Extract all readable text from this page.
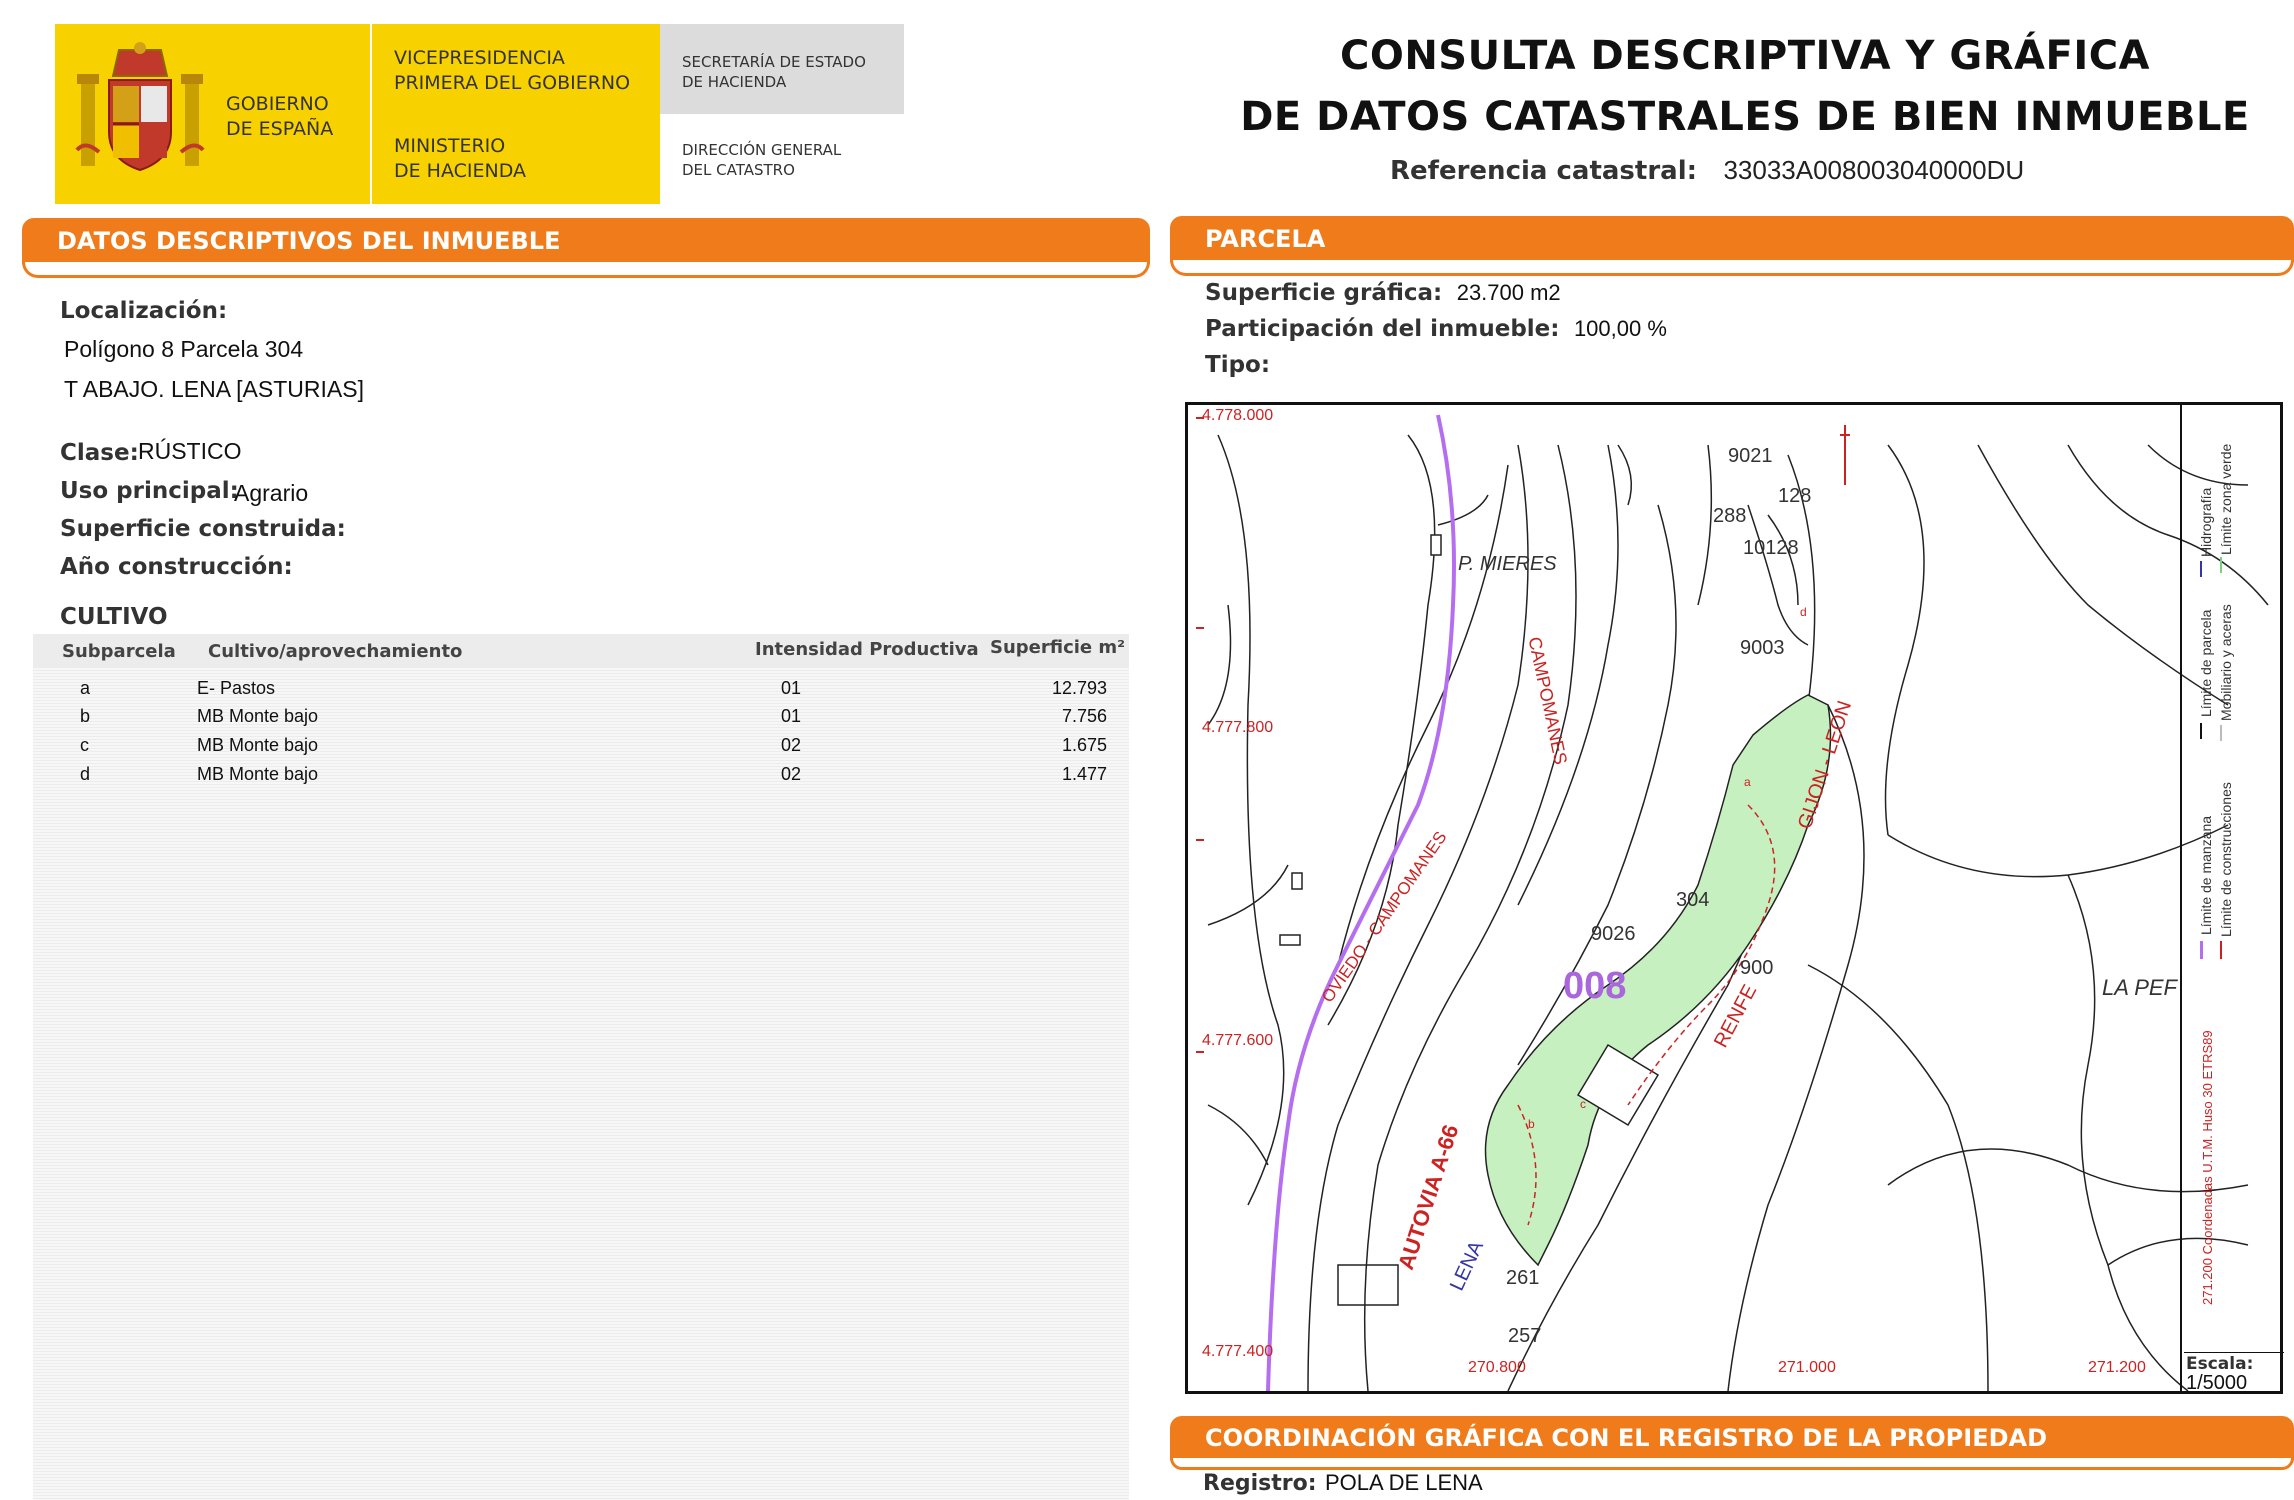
GOBIERNO
DE ESPAÑA
VICEPRESIDENCIA
PRIMERA DEL GOBIERNO
MINISTERIO
DE HACIENDA
SECRETARÍA DE ESTADO
DE HACIENDA
DIRECCIÓN GENERAL
DEL CATASTRO
CONSULTA DESCRIPTIVA Y GRÁFICA
DE DATOS CATASTRALES DE BIEN INMUEBLE
Referencia catastral: 33033A008003040000DU
DATOS DESCRIPTIVOS DEL INMUEBLE
Localización:
Polígono 8 Parcela 304
T ABAJO. LENA [ASTURIAS]
Clase: RÚSTICO
Uso principal:
Agrario
Superficie construida:
Año construcción:
CULTIVO
Subparcela Cultivo/aprovechamiento	Intensidad Productiva Superficie m²
a	E- Pastos	01	12.793
b	MB Monte bajo	01	7.756
c	MB Monte bajo	02	1.675
d	MB Monte bajo	02	1.477
PARCELA
Superficie gráfica: 23.700 m2
Participación del inmueble: 100,00 %
Tipo:
4.778.000
4.777.800
4.777.600
4.777.400
270.800	271.000	271.200
P. MIERES
008
304
9026
9021
128
288
10128
9003
900
261
257
LA PEF
CAMPOMANES
OVIEDO - CAMPOMANES
AUTOVIA A-66
LENA
GIJON - LEON
RENFE
d
a
c
b
Hidrografía Límite zona verde
Límite de parcela Mobiliario y aceras
Límite de manzana Límite de construcciones
271.200 Coordenadas U.T.M. Huso 30 ETRS89
Escala:
1/5000
COORDINACIÓN GRÁFICA CON EL REGISTRO DE LA PROPIEDAD
Registro: POLA DE LENA
